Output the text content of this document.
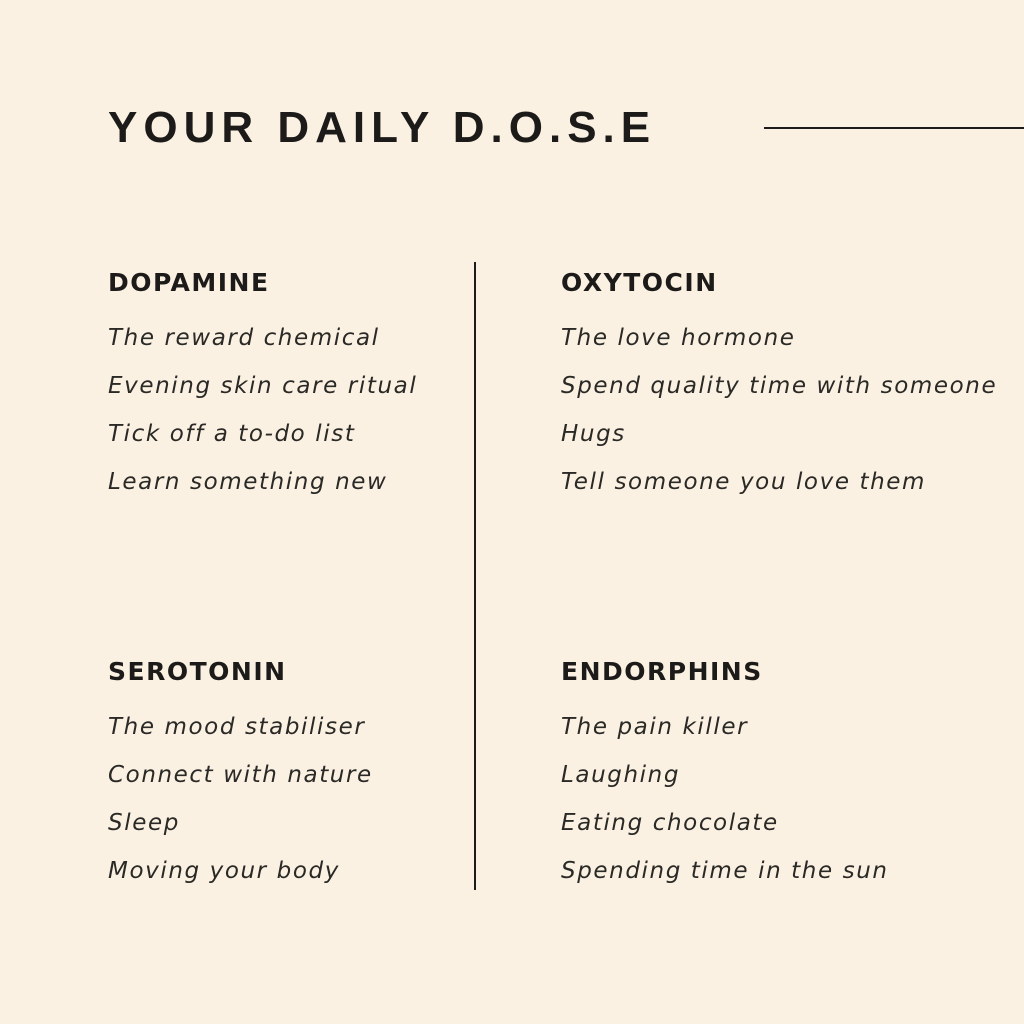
YOUR DAILY D.O.S.E
DOPAMINE
The reward chemical
Evening skin care ritual
Tick off a to-do list
Learn something new
OXYTOCIN
The love hormone
Spend quality time with someone
Hugs
Tell someone you love them
SEROTONIN
The mood stabiliser
Connect with nature
Sleep
Moving your body
ENDORPHINS
The pain killer
Laughing
Eating chocolate
Spending time in the sun
